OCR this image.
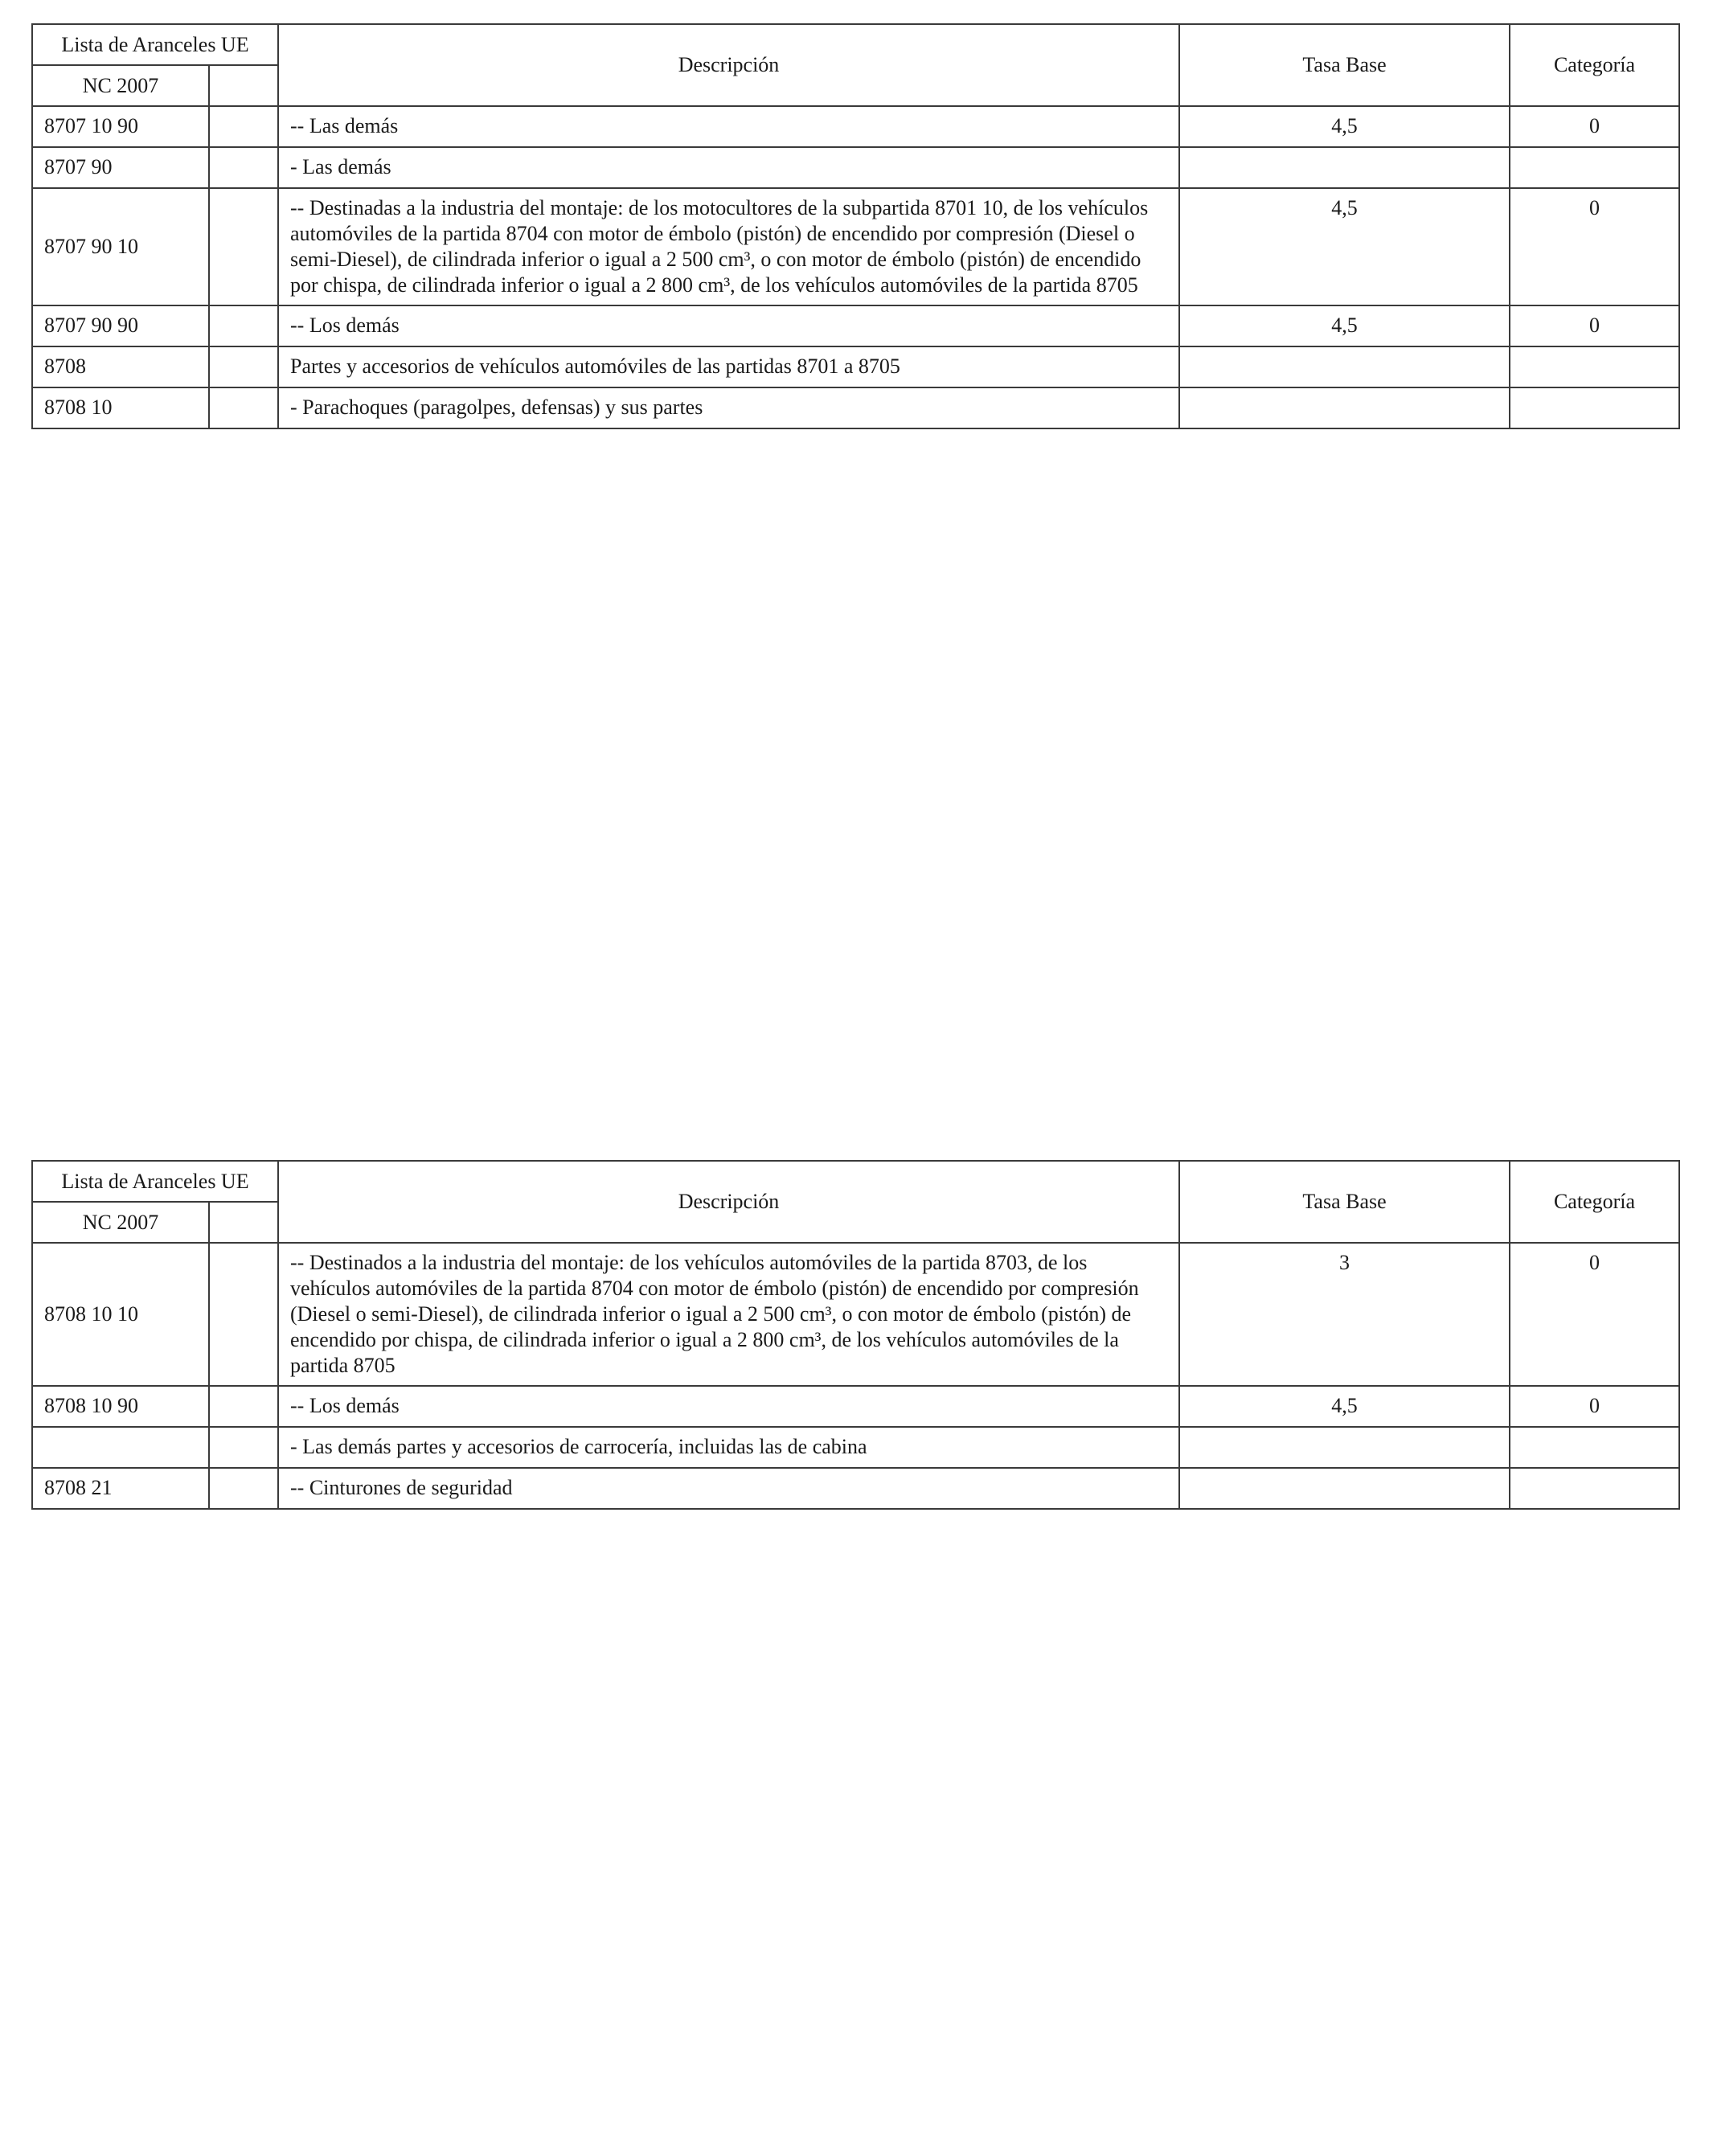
Lista de Aranceles UE		Descripción	Tasa Base	Categoría
NC 2007				
8707 10 90		-- Las demás	4,5	0
8707 90		- Las demás		
8707 90 10		-- Destinadas a la industria del montaje: de los motocultores de la subpartida 8701 10, de los vehículos automóviles de la partida 8704 con motor de émbolo (pistón) de encendido por compresión (Diesel o semi-Diesel), de cilindrada inferior o igual a 2 500 cm³, o con motor de émbolo (pistón) de encendido por chispa, de cilindrada inferior o igual a 2 800 cm³, de los vehículos automóviles de la partida 8705	4,5	0
8707 90 90		-- Los demás	4,5	0
8708		Partes y accesorios de vehículos automóviles de las partidas 8701 a 8705		
8708 10		- Parachoques (paragolpes, defensas) y sus partes		
Lista de Aranceles UE		Descripción	Tasa Base	Categoría
NC 2007				
8708 10 10		-- Destinados a la industria del montaje: de los vehículos automóviles de la partida 8703, de los vehículos automóviles de la partida 8704 con motor de émbolo (pistón) de encendido por compresión (Diesel o semi-Diesel), de cilindrada inferior o igual a 2 500 cm³, o con motor de émbolo (pistón) de encendido por chispa, de cilindrada inferior o igual a 2 800 cm³, de los vehículos automóviles de la partida 8705	3	0
8708 10 90		-- Los demás	4,5	0
		- Las demás partes y accesorios de carrocería, incluidas las de cabina		
8708 21		-- Cinturones de seguridad		
